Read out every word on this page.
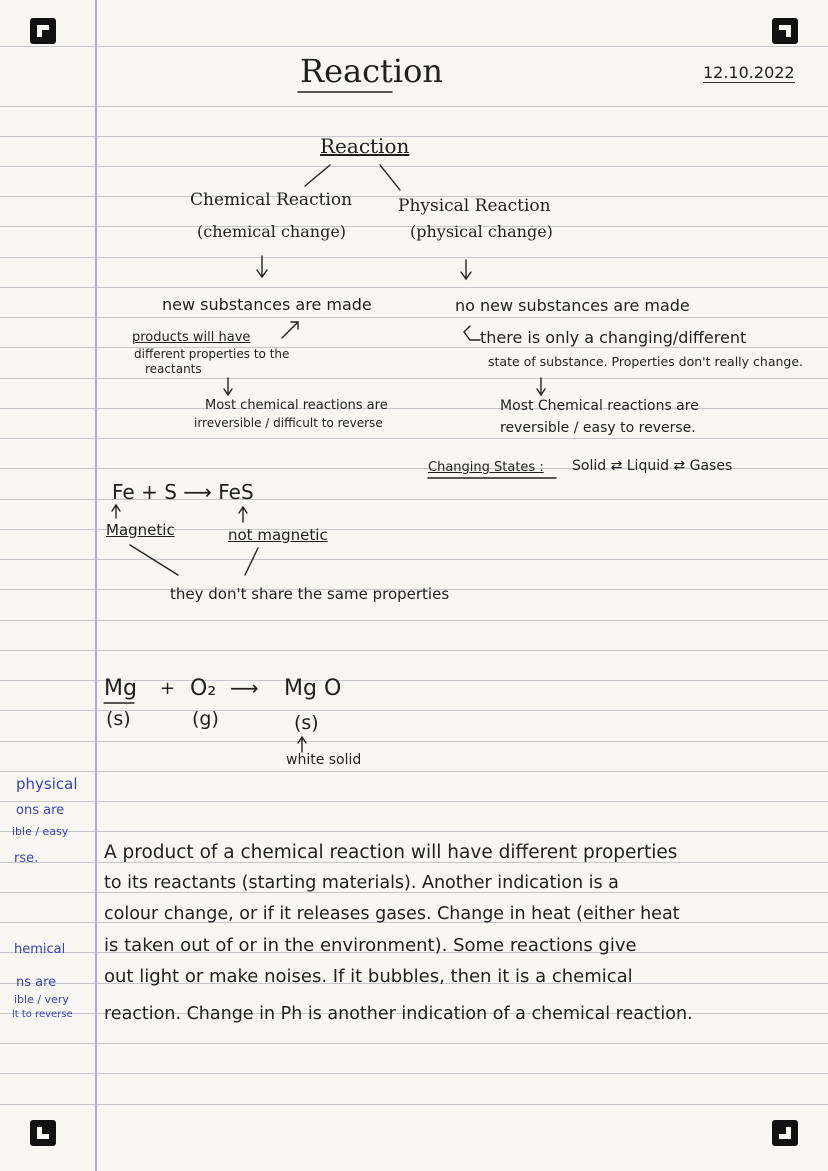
Reaction	12.10.2022
Reaction
Chemical Reaction
(chemical change)
Physical Reaction
(physical change)
new substances are made
products will have
different properties to the
reactants
Most chemical reactions are
irreversible / difficult to reverse
no new substances are made
there is only a changing/different
state of substance. Properties don't really change.
Most Chemical reactions are
reversible / easy to reverse.
Changing States : Solid ⇄ Liquid ⇄ Gases
Fe + S ⟶ FeS
Magnetic	not magnetic
they don't share the same properties
Mg + O₂ ⟶ Mg O
(s)	(g)	(s)
white solid
A product of a chemical reaction will have different properties
to its reactants (starting materials). Another indication is a
colour change, or if it releases gases. Change in heat (either heat
is taken out of or in the environment). Some reactions give
out light or make noises. If it bubbles, then it is a chemical
reaction. Change in Ph is another indication of a chemical reaction.
physical
ons are
ible / easy
rse.
hemical
ns are
ible / very
lt to reverse
